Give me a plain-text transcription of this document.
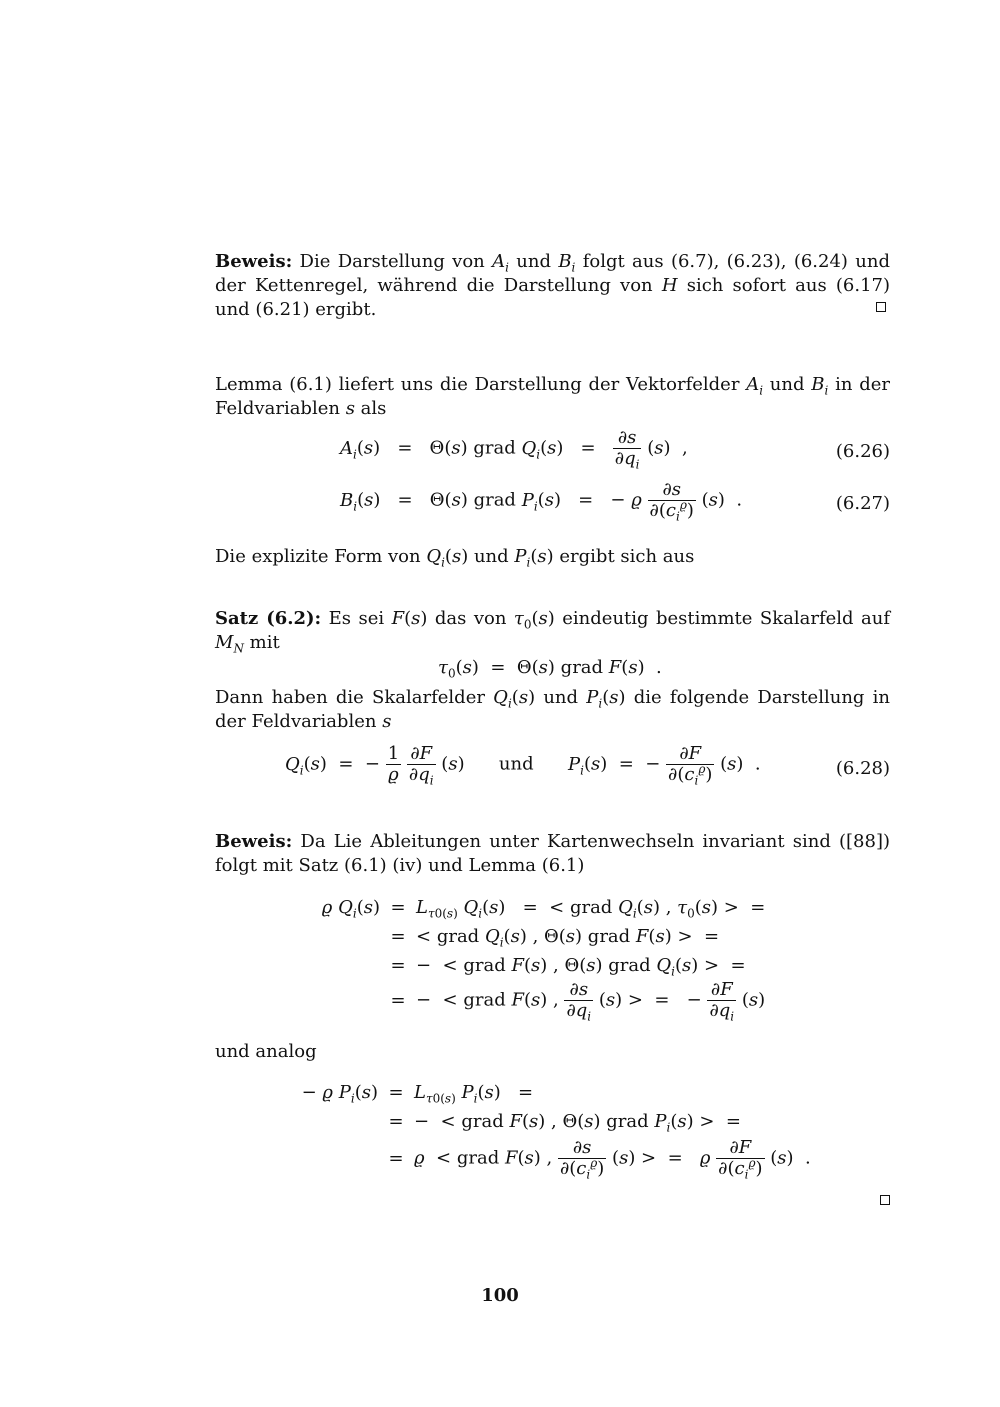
Beweis: Die Darstellung von $A_i$ und $B_i$ folgt aus (6.7), (6.23), (6.24) und der Kettenregel, während die Darstellung von H sich sofort aus (6.17) und (6.21) ergibt.

Lemma (6.1) liefert uns die Darstellung der Vektorfelder $A_i$ und $B_i$ in der Feldvariablen s als

$A_i(s) = \Theta(s)$ grad $Q_i(s) = \frac{\partial s}{\partial q_i} (s)$  ,	(6.26)
$B_i(s) = \Theta(s)$ grad $P_i(s)$   =   − ϱ $\frac{\partial s}{\partial(c_i^ϱ)} (s)$  .	(6.27)

Die explizite Form von $Q_i(s)$ und $P_i(s)$ ergibt sich aus

Satz (6.2): Es sei F(s) das von $\tau_0(s)$ eindeutig bestimmte Skalarfeld auf $M_N$ mit

$\tau_0(s) = \Theta(s)$ grad F(s)  .

Dann haben die Skalarfelder $Q_i(s)$ und $P_i(s)$ die folgende Darstellung in der Feldvariablen s

$Q_i(s)$  =  − $\frac{1}{ϱ}$
$\frac{\partial F}{\partial q_i} (s)$      und $P_i(s)$  =  − $\frac{\partial F}{\partial(c_i^ϱ)} (s)$  .	(6.28)

Beweis: Da Lie Ableitungen unter Kartenwechseln invariant sind ([88]) folgt mit Satz (6.1) (iv) und Lemma (6.1)

ϱ $Q_i(s) = L_{\tau 0(s)}$ $Q_i(s)$   =  < grad $Q_i(s)$ , $\tau_0(s)$ >  =
= < grad $Q_i(s)$ , Θ(s) grad F(s) >  =
= −  < grad F(s) , Θ(s) grad $Q_i(s)$ >  =
= −  < grad F(s) , $\frac{\partial s}{\partial q_i} (s)$ >  =   − $\frac{\partial F}{\partial q_i} (s)$

und analog

− ϱ $P_i(s) = L_{\tau 0(s)}$ $P_i(s)$   =
= −  < grad F(s) , Θ(s) grad $P_i(s)$ >  =
= ϱ  < grad F(s) , $\frac{\partial s}{\partial(c_i^ϱ)} (s)$ >  =   ϱ $\frac{\partial F}{\partial(c_i^ϱ)} (s)$  .
100
